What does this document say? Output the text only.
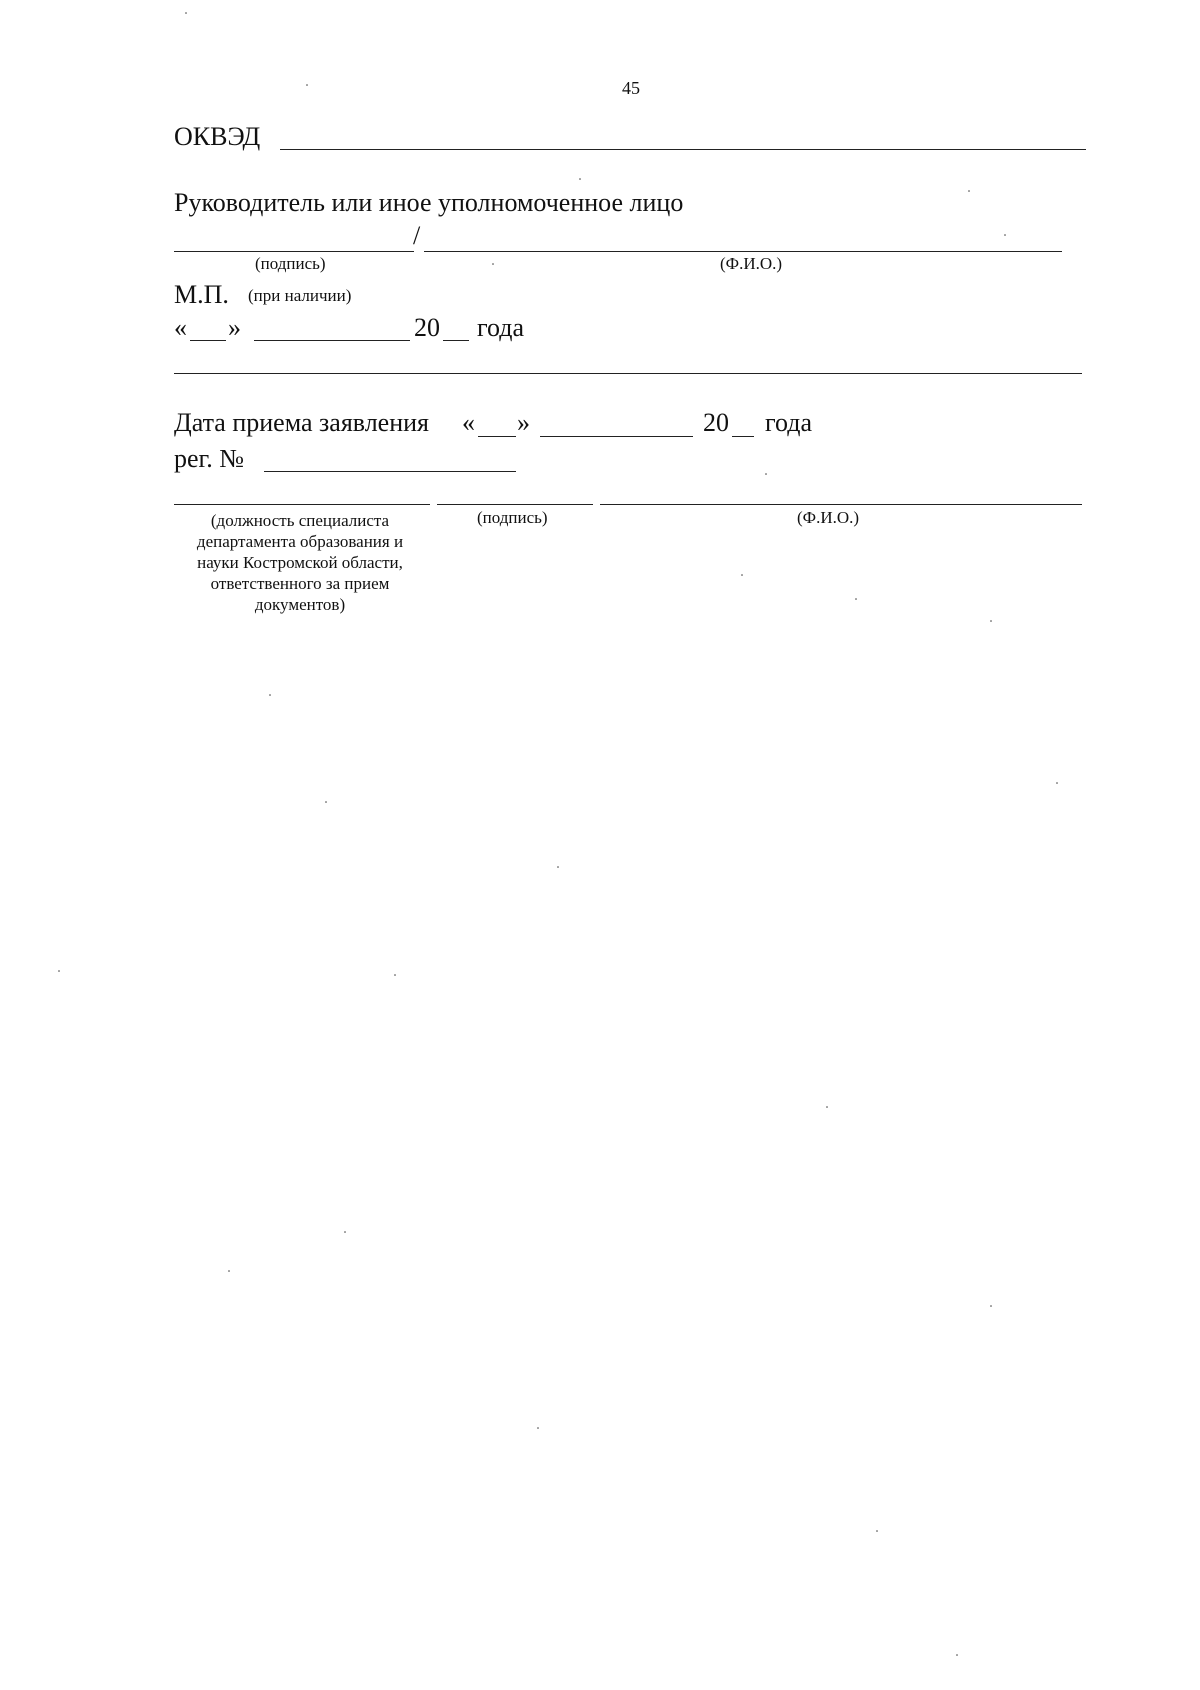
45
ОКВЭД
Руководитель или иное уполномоченное лицо
/
(подпись)	(Ф.И.О.)
М.П. (при наличии)
« »	20 года
Дата приема заявления « »	20 года
рег. №
(должность специалиста департамента образования и науки Костромской области, ответственного за прием документов)
(подпись)	(Ф.И.О.)
